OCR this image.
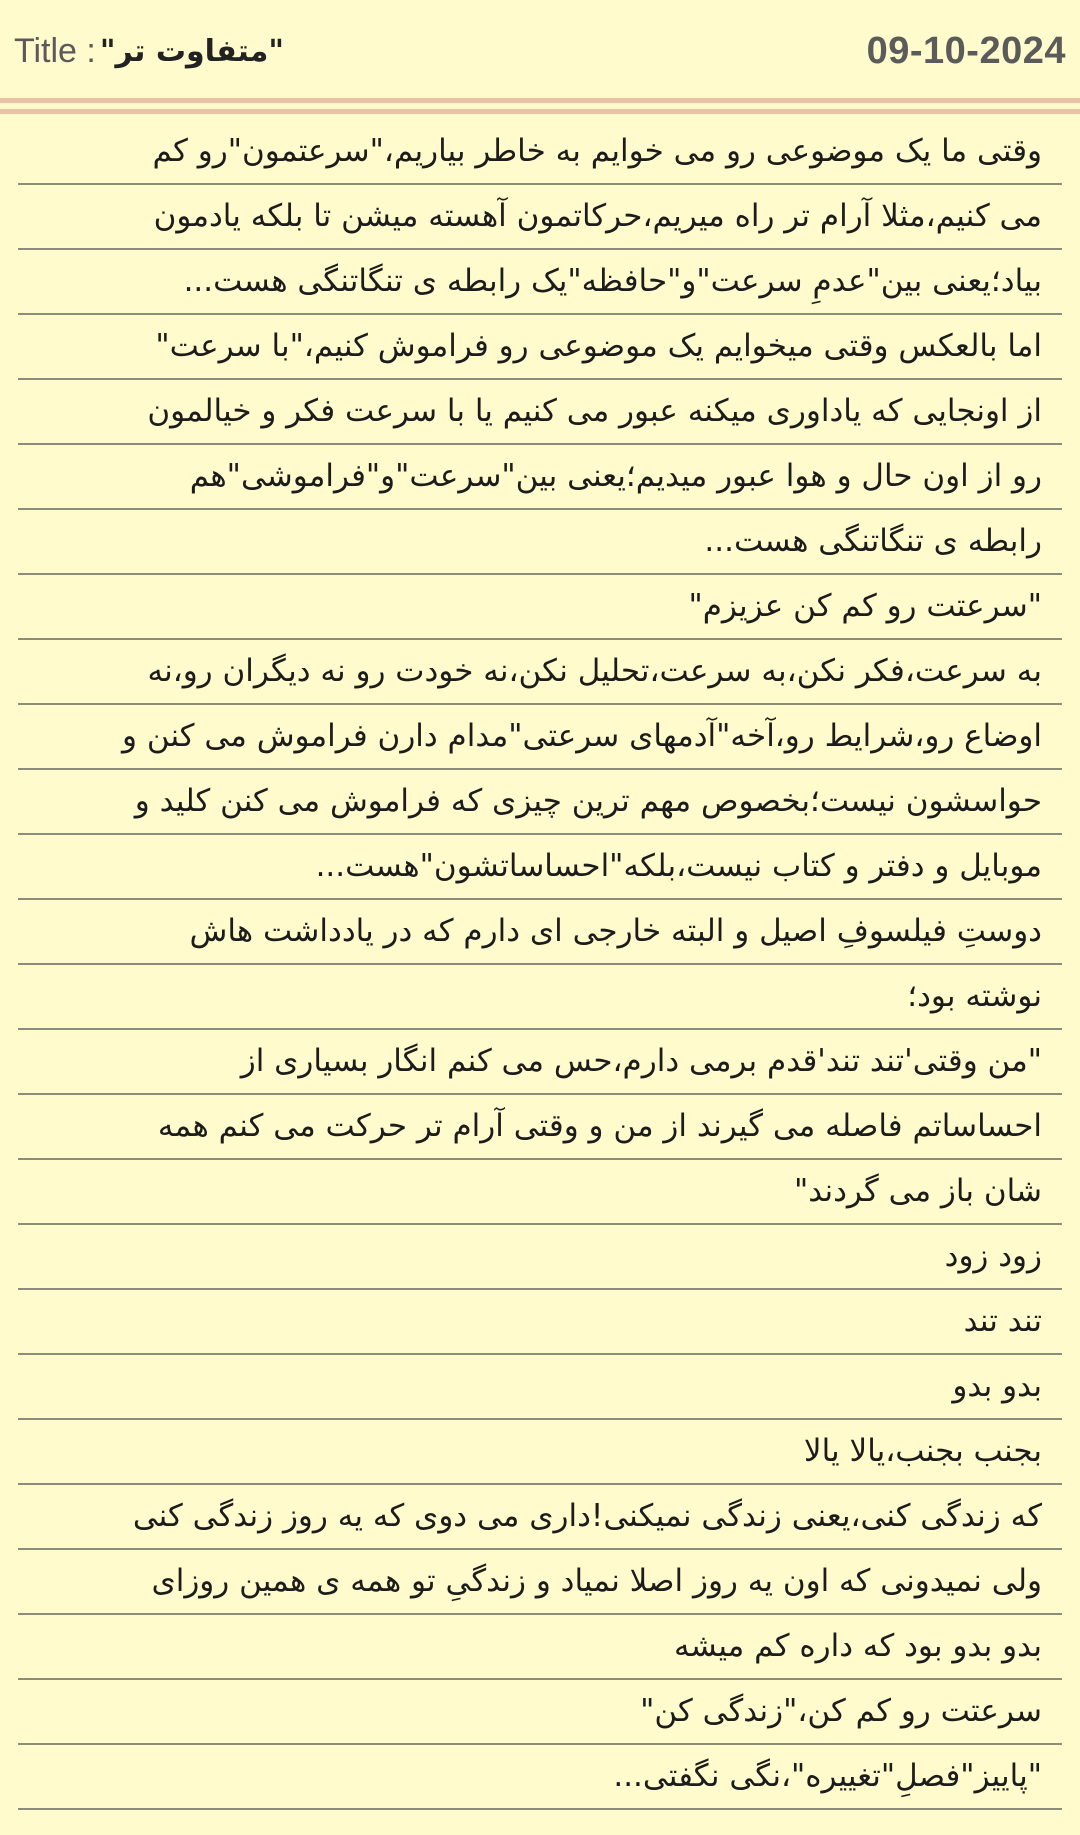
Title : "متفاوت تر"	09-10-2024
وقتی ما یک موضوعی رو می خوایم به خاطر بیاریم،"سرعتمون"رو کم
می کنیم،مثلا آرام تر راه میریم،حرکاتمون آهسته میشن تا بلکه یادمون
بیاد؛یعنی بین"عدمِ سرعت"و"حافظه"یک رابطه ی تنگاتنگی هست...
اما بالعکس وقتی میخوایم یک موضوعی رو فراموش کنیم،"با سرعت"
از اونجایی که یاداوری میکنه عبور می کنیم یا با سرعت فکر و خیالمون
رو از اون حال و هوا عبور میدیم؛یعنی بین"سرعت"و"فراموشی"هم
رابطه ی تنگاتنگی هست...
"سرعتت رو کم کن عزیزم"
به سرعت،فکر نکن،به سرعت،تحلیل نکن،نه خودت رو نه دیگران رو،نه
اوضاع رو،شرایط رو،آخه"آدمهای سرعتی"مدام دارن فراموش می کنن و
حواسشون نیست؛بخصوص مهم ترین چیزی که فراموش می کنن کلید و
موبایل و دفتر و کتاب نیست،بلکه"احساساتشون"هست...
دوستِ فیلسوفِ اصیل و البته خارجی ای دارم که در یادداشت هاش
نوشته بود؛
"من وقتی'تند تند'قدم برمی دارم،حس می کنم انگار بسیاری از
احساساتم فاصله می گیرند از من و وقتی آرام تر حرکت می کنم همه
شان باز می گردند"
زود زود
تند تند
بدو بدو
بجنب بجنب،یالا یالا
که زندگی کنی،یعنی زندگی نمیکنی!داری می دوی که یه روز زندگی کنی
ولی نمیدونی که اون یه روز اصلا نمیاد و زندگیِ تو همه ی همین روزای
بدو بدو بود که داره کم میشه
سرعتت رو کم کن،"زندگی کن"
"پاییز"فصلِ"تغییره"،نگی نگفتی...
